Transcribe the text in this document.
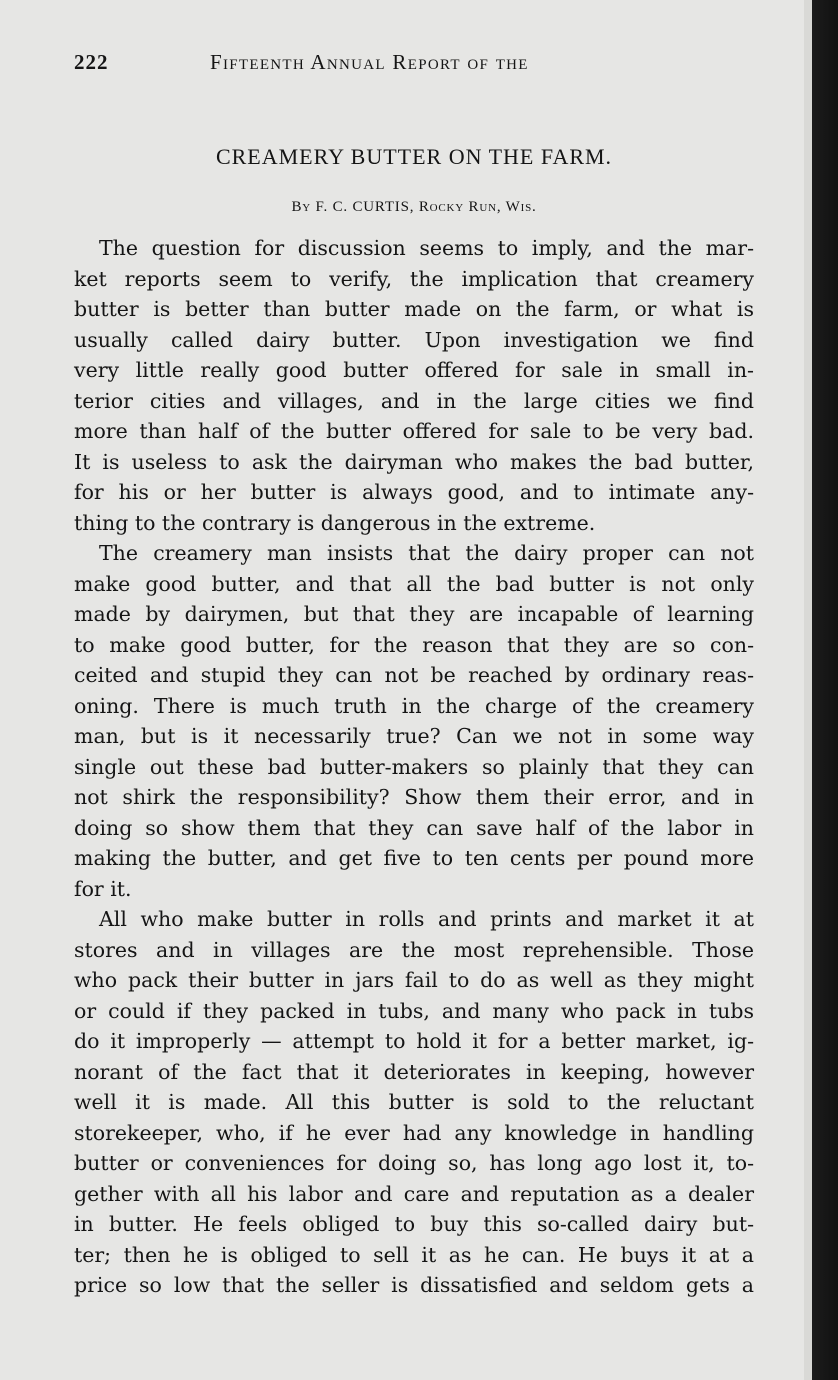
222	Fifteenth Annual Report of the
CREAMERY BUTTER ON THE FARM.
By F. C. CURTIS, Rocky Run, Wis.
The question for discussion seems to imply, and the mar-
ket reports seem to verify, the implication that creamery
butter is better than butter made on the farm, or what is
usually called dairy butter. Upon investigation we find
very little really good butter offered for sale in small in-
terior cities and villages, and in the large cities we find
more than half of the butter offered for sale to be very bad.
It is useless to ask the dairyman who makes the bad butter,
for his or her butter is always good, and to intimate any-
thing to the contrary is dangerous in the extreme.
The creamery man insists that the dairy proper can not
make good butter, and that all the bad butter is not only
made by dairymen, but that they are incapable of learning
to make good butter, for the reason that they are so con-
ceited and stupid they can not be reached by ordinary reas-
oning. There is much truth in the charge of the creamery
man, but is it necessarily true? Can we not in some way
single out these bad butter-makers so plainly that they can
not shirk the responsibility? Show them their error, and in
doing so show them that they can save half of the labor in
making the butter, and get five to ten cents per pound more
for it.
All who make butter in rolls and prints and market it at
stores and in villages are the most reprehensible. Those
who pack their butter in jars fail to do as well as they might
or could if they packed in tubs, and many who pack in tubs
do it improperly — attempt to hold it for a better market, ig-
norant of the fact that it deteriorates in keeping, however
well it is made. All this butter is sold to the reluctant
storekeeper, who, if he ever had any knowledge in handling
butter or conveniences for doing so, has long ago lost it, to-
gether with all his labor and care and reputation as a dealer
in butter. He feels obliged to buy this so-called dairy but-
ter; then he is obliged to sell it as he can. He buys it at a
price so low that the seller is dissatisfied and seldom gets a
